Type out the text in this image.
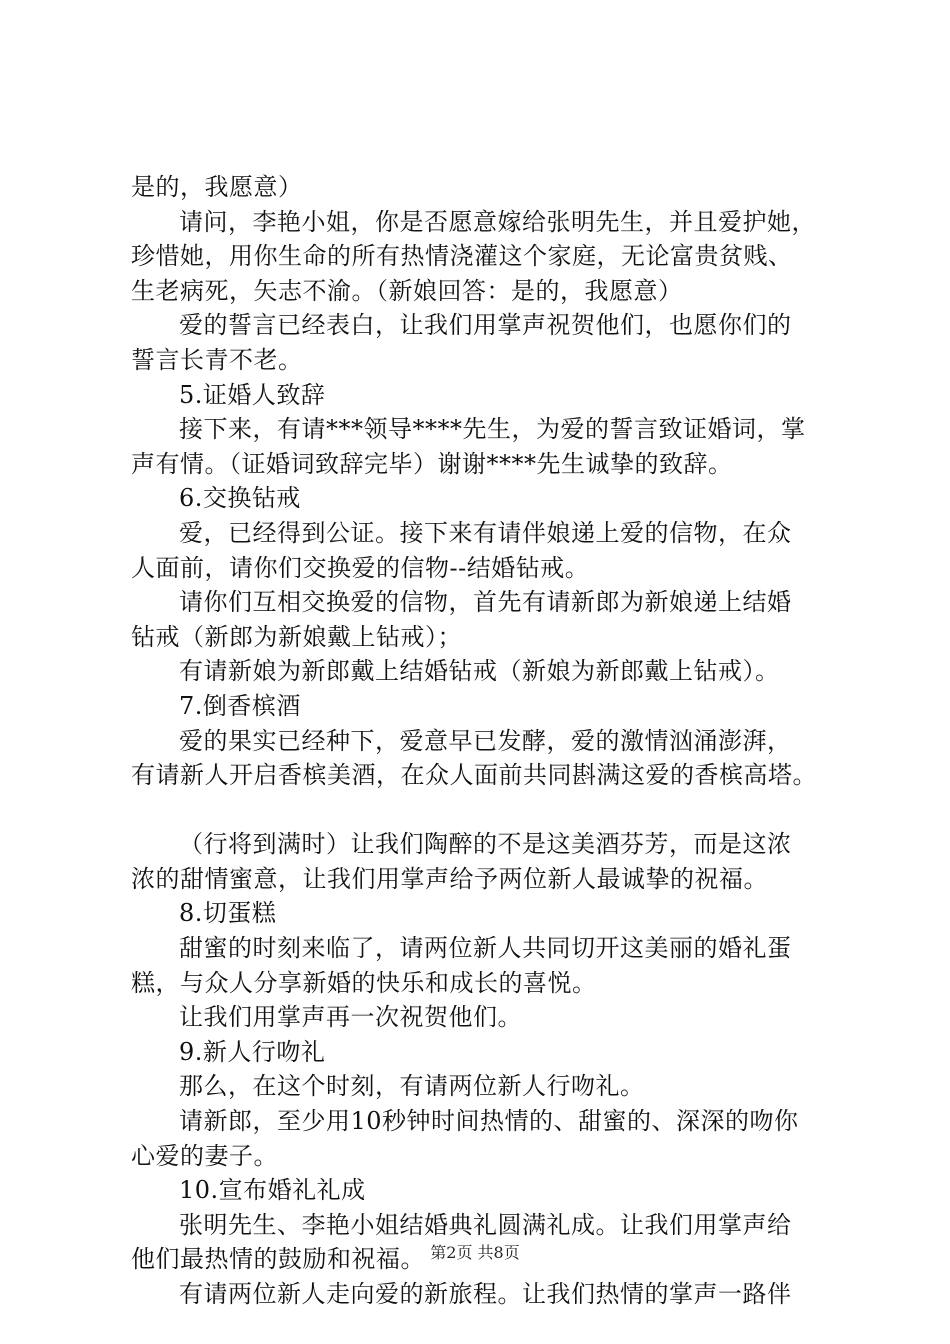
是的，我愿意）
请问，李艳小姐，你是否愿意嫁给张明先生，并且爱护她，
珍惜她，用你生命的所有热情浇灌这个家庭，无论富贵贫贱、
生老病死，矢志不渝。（新娘回答：是的，我愿意）
爱的誓言已经表白，让我们用掌声祝贺他们，也愿你们的
誓言长青不老。
5.证婚人致辞
接下来，有请***领导****先生，为爱的誓言致证婚词，掌
声有情。（证婚词致辞完毕）谢谢****先生诚挚的致辞。
6.交换钻戒
爱，已经得到公证。接下来有请伴娘递上爱的信物，在众
人面前，请你们交换爱的信物--结婚钻戒。
请你们互相交换爱的信物，首先有请新郎为新娘递上结婚
钻戒（新郎为新娘戴上钻戒）；
有请新娘为新郎戴上结婚钻戒（新娘为新郎戴上钻戒）。
7.倒香槟酒
爱的果实已经种下，爱意早已发酵，爱的激情汹涌澎湃，
有请新人开启香槟美酒，在众人面前共同斟满这爱的香槟高塔。
（行将到满时）让我们陶醉的不是这美酒芬芳，而是这浓
浓的甜情蜜意，让我们用掌声给予两位新人最诚挚的祝福。
8.切蛋糕
甜蜜的时刻来临了，请两位新人共同切开这美丽的婚礼蛋
糕，与众人分享新婚的快乐和成长的喜悦。
让我们用掌声再一次祝贺他们。
9.新人行吻礼
那么，在这个时刻，有请两位新人行吻礼。
请新郎，至少用10秒钟时间热情的、甜蜜的、深深的吻你
心爱的妻子。
10.宣布婚礼礼成
张明先生、李艳小姐结婚典礼圆满礼成。让我们用掌声给
他们最热情的鼓励和祝福。
有请两位新人走向爱的新旅程。让我们热情的掌声一路伴
第2页 共8页
